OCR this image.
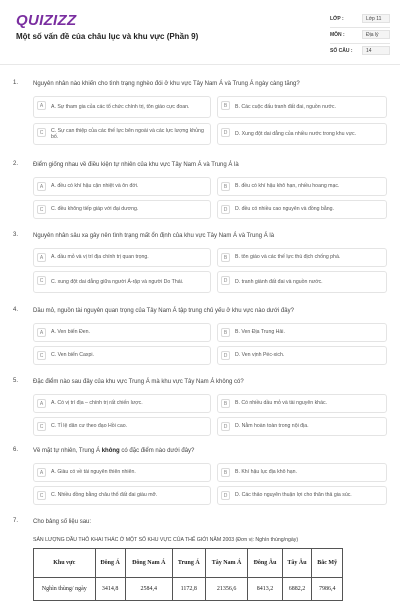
QUIZIZZ
Một số vấn đề của châu lục và khu vực (Phần 9)
LỚP :	Lớp 11
MÔN :	Địa lý
SỐ CÂU :	14
1. Nguyên nhân nào khiến cho tình trạng nghèo đói ở khu vực Tây Nam Á và Trung Á ngày càng tăng?
A	A. Sự tham gia của các tổ chức chính trị, tôn giáo cực đoan.	B	B. Các cuộc đấu tranh đất đai, nguồn nước.
C	C. Sự can thiệp của các thế lực bên ngoài và các lực lượng khủng bố.
D	D. Xung đột dai dẳng của nhiều nước trong khu vực.
2. Điểm giống nhau về điều kiện tự nhiên của khu vực Tây Nam Á và Trung Á là
A	A. đều có khí hậu cận nhiệt và ôn đới.	B	B. đều có khí hậu khô hạn, nhiều hoang mạc.
C	C. đều không tiếp giáp với đại dương.	D	D. đều có nhiều cao nguyên và đồng bằng.
3. Nguyên nhân sâu xa gây nên tình trạng mất ổn định của khu vực Tây Nam Á và Trung Á là
A	A. dầu mỏ và vị trí địa chính trị quan trọng.	B	B. tôn giáo và các thế lực thù địch chống phá.
C	C. xung đột dai dẳng giữa người Ả-rập và người Do Thái.	D	D. tranh giành đất đai và nguồn nước.
4. Dầu mỏ, nguồn tài nguyên quan trọng của Tây Nam Á tập trung chủ yếu ở khu vực nào dưới đây?
A	A. Ven biển Đen.	B	B. Ven Địa Trung Hải.
C	C. Ven biển Caxpi.	D	D. Ven vịnh Péc-xich.
5. Đặc điểm nào sau đây của khu vực Trung Á mà khu vực Tây Nam Á không có?
A	A. Có vị trí địa – chính trị rất chiến lược.	B	B. Có nhiều dầu mỏ và tài nguyên khác.
C	C. Tỉ lệ dân cư theo đạo Hồi cao.	D	D. Nằm hoàn toàn trong nội địa.
6. Về mặt tự nhiên, Trung Á không có đặc điểm nào dưới đây?
A	A. Giàu có về tài nguyên thiên nhiên.	B	B. Khí hậu lục địa khô hạn.
C	C. Nhiều đồng bằng châu thổ đất đai giàu mỡ.	D	D. Các thảo nguyên thuận lợi cho thăn thả gia súc.
7. Cho bảng số liệu sau:
SẢN LƯỢNG DẦU THÔ KHAI THÁC Ở MỘT SỐ KHU VỰC CỦA THẾ GIỚI NĂM 2003 (Đơn vị: Nghìn thùng/ngày)
Khu vực	Đông Á	Đông Nam Á	Trung Á	Tây Nam Á	Đông Âu	Tây Âu	Bắc Mỹ
Nghìn thùng/ ngày	3414,8	2584,4	1172,8	21356,6	8413,2	6882,2	7986,4
